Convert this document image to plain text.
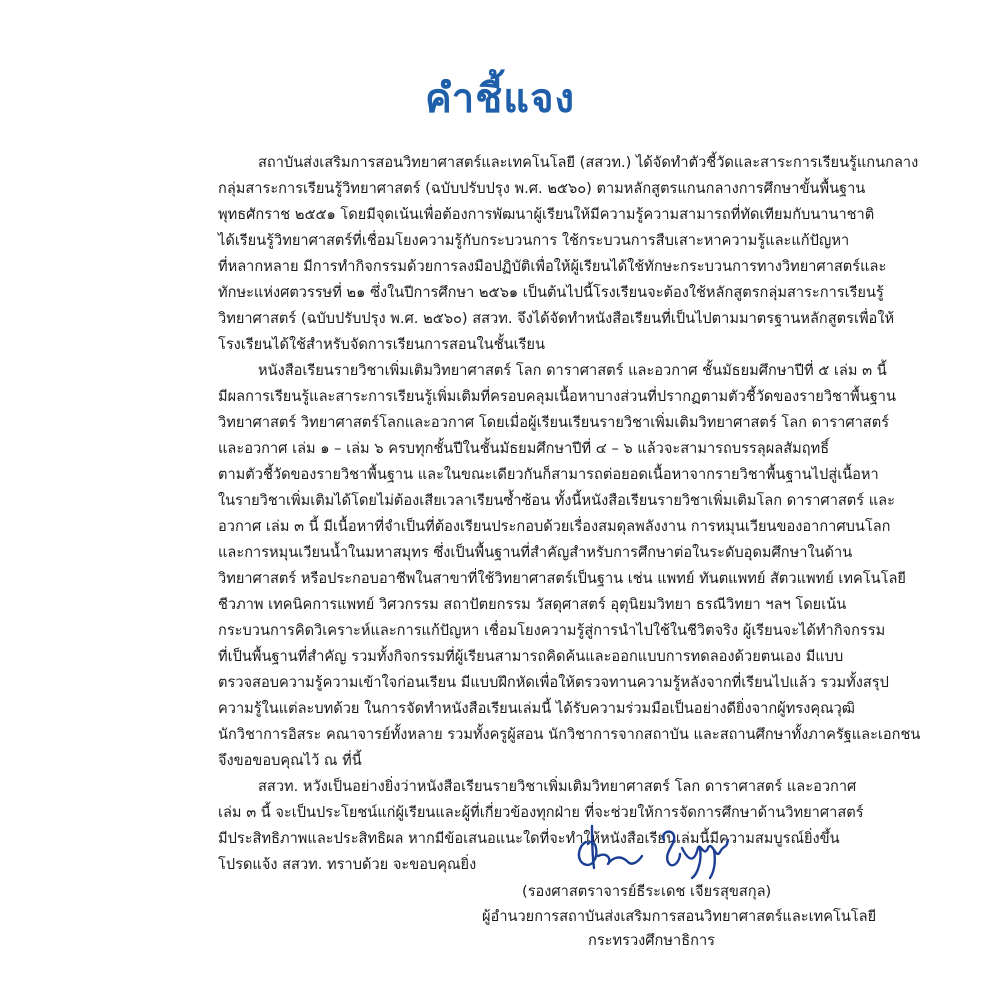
คำชี้แจง
สถาบันส่งเสริมการสอนวิทยาศาสตร์และเทคโนโลยี (สสวท.) ได้จัดทำตัวชี้วัดและสาระการเรียนรู้แกนกลาง
กลุ่มสาระการเรียนรู้วิทยาศาสตร์ (ฉบับปรับปรุง พ.ศ. ๒๕๖๐) ตามหลักสูตรแกนกลางการศึกษาขั้นพื้นฐาน
พุทธศักราช ๒๕๕๑ โดยมีจุดเน้นเพื่อต้องการพัฒนาผู้เรียนให้มีความรู้ความสามารถที่ทัดเทียมกับนานาชาติ
ได้เรียนรู้วิทยาศาสตร์ที่เชื่อมโยงความรู้กับกระบวนการ ใช้กระบวนการสืบเสาะหาความรู้และแก้ปัญหา
ที่หลากหลาย มีการทำกิจกรรมด้วยการลงมือปฏิบัติเพื่อให้ผู้เรียนได้ใช้ทักษะกระบวนการทางวิทยาศาสตร์และ
ทักษะแห่งศตวรรษที่ ๒๑ ซึ่งในปีการศึกษา ๒๕๖๑ เป็นต้นไปนี้โรงเรียนจะต้องใช้หลักสูตรกลุ่มสาระการเรียนรู้
วิทยาศาสตร์ (ฉบับปรับปรุง พ.ศ. ๒๕๖๐) สสวท. จึงได้จัดทำหนังสือเรียนที่เป็นไปตามมาตรฐานหลักสูตรเพื่อให้
โรงเรียนได้ใช้สำหรับจัดการเรียนการสอนในชั้นเรียน
หนังสือเรียนรายวิชาเพิ่มเติมวิทยาศาสตร์ โลก ดาราศาสตร์ และอวกาศ ชั้นมัธยมศึกษาปีที่ ๕ เล่ม ๓ นี้
มีผลการเรียนรู้และสาระการเรียนรู้เพิ่มเติมที่ครอบคลุมเนื้อหาบางส่วนที่ปรากฏตามตัวชี้วัดของรายวิชาพื้นฐาน
วิทยาศาสตร์ วิทยาศาสตร์โลกและอวกาศ โดยเมื่อผู้เรียนเรียนรายวิชาเพิ่มเติมวิทยาศาสตร์ โลก ดาราศาสตร์
และอวกาศ เล่ม ๑ – เล่ม ๖ ครบทุกชั้นปีในชั้นมัธยมศึกษาปีที่ ๔ – ๖ แล้วจะสามารถบรรลุผลสัมฤทธิ์
ตามตัวชี้วัดของรายวิชาพื้นฐาน และในขณะเดียวกันก็สามารถต่อยอดเนื้อหาจากรายวิชาพื้นฐานไปสู่เนื้อหา
ในรายวิชาเพิ่มเติมได้โดยไม่ต้องเสียเวลาเรียนซ้ำซ้อน ทั้งนี้หนังสือเรียนรายวิชาเพิ่มเติมโลก ดาราศาสตร์ และ
อวกาศ เล่ม ๓ นี้ มีเนื้อหาที่จำเป็นที่ต้องเรียนประกอบด้วยเรื่องสมดุลพลังงาน การหมุนเวียนของอากาศบนโลก
และการหมุนเวียนน้ำในมหาสมุทร ซึ่งเป็นพื้นฐานที่สำคัญสำหรับการศึกษาต่อในระดับอุดมศึกษาในด้าน
วิทยาศาสตร์ หรือประกอบอาชีพในสาขาที่ใช้วิทยาศาสตร์เป็นฐาน เช่น แพทย์ ทันตแพทย์ สัตวแพทย์ เทคโนโลยี
ชีวภาพ เทคนิคการแพทย์ วิศวกรรม สถาปัตยกรรม วัสดุศาสตร์ อุตุนิยมวิทยา ธรณีวิทยา ฯลฯ โดยเน้น
กระบวนการคิดวิเคราะห์และการแก้ปัญหา เชื่อมโยงความรู้สู่การนำไปใช้ในชีวิตจริง ผู้เรียนจะได้ทำกิจกรรม
ที่เป็นพื้นฐานที่สำคัญ รวมทั้งกิจกรรมที่ผู้เรียนสามารถคิดค้นและออกแบบการทดลองด้วยตนเอง มีแบบ
ตรวจสอบความรู้ความเข้าใจก่อนเรียน มีแบบฝึกหัดเพื่อให้ตรวจทานความรู้หลังจากที่เรียนไปแล้ว รวมทั้งสรุป
ความรู้ในแต่ละบทด้วย ในการจัดทำหนังสือเรียนเล่มนี้ ได้รับความร่วมมือเป็นอย่างดียิ่งจากผู้ทรงคุณวุฒิ
นักวิชาการอิสระ คณาจารย์ทั้งหลาย รวมทั้งครูผู้สอน นักวิชาการจากสถาบัน และสถานศึกษาทั้งภาครัฐและเอกชน
จึงขอขอบคุณไว้ ณ ที่นี้
สสวท. หวังเป็นอย่างยิ่งว่าหนังสือเรียนรายวิชาเพิ่มเติมวิทยาศาสตร์ โลก ดาราศาสตร์ และอวกาศ
เล่ม ๓ นี้ จะเป็นประโยชน์แก่ผู้เรียนและผู้ที่เกี่ยวข้องทุกฝ่าย ที่จะช่วยให้การจัดการศึกษาด้านวิทยาศาสตร์
มีประสิทธิภาพและประสิทธิผล หากมีข้อเสนอแนะใดที่จะทำให้หนังสือเรียนเล่มนี้มีความสมบูรณ์ยิ่งขึ้น
โปรดแจ้ง สสวท. ทราบด้วย จะขอบคุณยิ่ง
(รองศาสตราจารย์ธีระเดช เจียรสุขสกุล)
ผู้อำนวยการสถาบันส่งเสริมการสอนวิทยาศาสตร์และเทคโนโลยี
กระทรวงศึกษาธิการ
